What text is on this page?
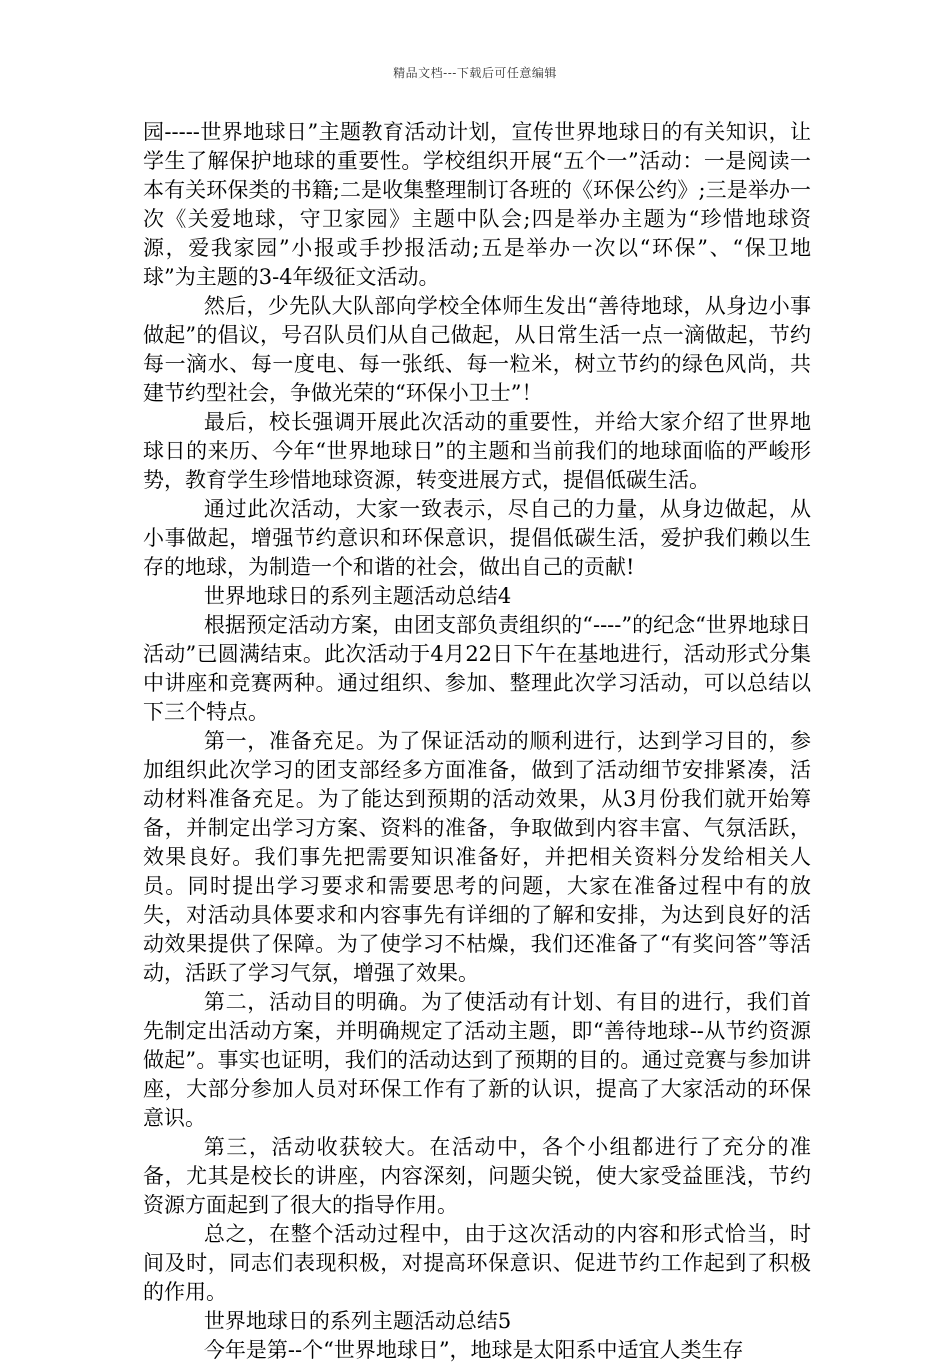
精品文档---下载后可任意编辑

园-----世界地球日”主题教育活动计划，宣传世界地球日的有关知识，让学生了解保护地球的重要性。学校组织开展“五个一”活动：一是阅读一本有关环保类的书籍;二是收集整理制订各班的《环保公约》;三是举办一次《关爱地球，守卫家园》主题中队会;四是举办主题为“珍惜地球资源，爱我家园”小报或手抄报活动;五是举办一次以“环保”、“保卫地球”为主题的3-4年级征文活动。

然后，少先队大队部向学校全体师生发出“善待地球，从身边小事做起”的倡议，号召队员们从自己做起，从日常生活一点一滴做起，节约每一滴水、每一度电、每一张纸、每一粒米，树立节约的绿色风尚，共建节约型社会，争做光荣的“环保小卫士”！

最后，校长强调开展此次活动的重要性，并给大家介绍了世界地球日的来历、今年“世界地球日”的主题和当前我们的地球面临的严峻形势，教育学生珍惜地球资源，转变进展方式，提倡低碳生活。

通过此次活动，大家一致表示，尽自己的力量，从身边做起，从小事做起，增强节约意识和环保意识，提倡低碳生活，爱护我们赖以生存的地球，为制造一个和谐的社会，做出自己的贡献!

世界地球日的系列主题活动总结4

根据预定活动方案，由团支部负责组织的“----”的纪念“世界地球日活动”已圆满结束。此次活动于4月22日下午在基地进行，活动形式分集中讲座和竞赛两种。通过组织、参加、整理此次学习活动，可以总结以下三个特点。

第一，准备充足。为了保证活动的顺利进行，达到学习目的，参加组织此次学习的团支部经多方面准备，做到了活动细节安排紧凑，活动材料准备充足。为了能达到预期的活动效果，从3月份我们就开始筹备，并制定出学习方案、资料的准备，争取做到内容丰富、气氛活跃，效果良好。我们事先把需要知识准备好，并把相关资料分发给相关人员。同时提出学习要求和需要思考的问题，大家在准备过程中有的放失，对活动具体要求和内容事先有详细的了解和安排，为达到良好的活动效果提供了保障。为了使学习不枯燥，我们还准备了“有奖问答”等活动，活跃了学习气氛，增强了效果。

第二，活动目的明确。为了使活动有计划、有目的进行，我们首先制定出活动方案，并明确规定了活动主题，即“善待地球--从节约资源做起”。事实也证明，我们的活动达到了预期的目的。通过竞赛与参加讲座，大部分参加人员对环保工作有了新的认识，提高了大家活动的环保意识。

第三，活动收获较大。在活动中，各个小组都进行了充分的准备，尤其是校长的讲座，内容深刻，问题尖锐，使大家受益匪浅，节约资源方面起到了很大的指导作用。

总之，在整个活动过程中，由于这次活动的内容和形式恰当，时间及时，同志们表现积极，对提高环保意识、促进节约工作起到了积极的作用。

世界地球日的系列主题活动总结5

今年是第--个“世界地球日”，地球是太阳系中适宜人类生存
